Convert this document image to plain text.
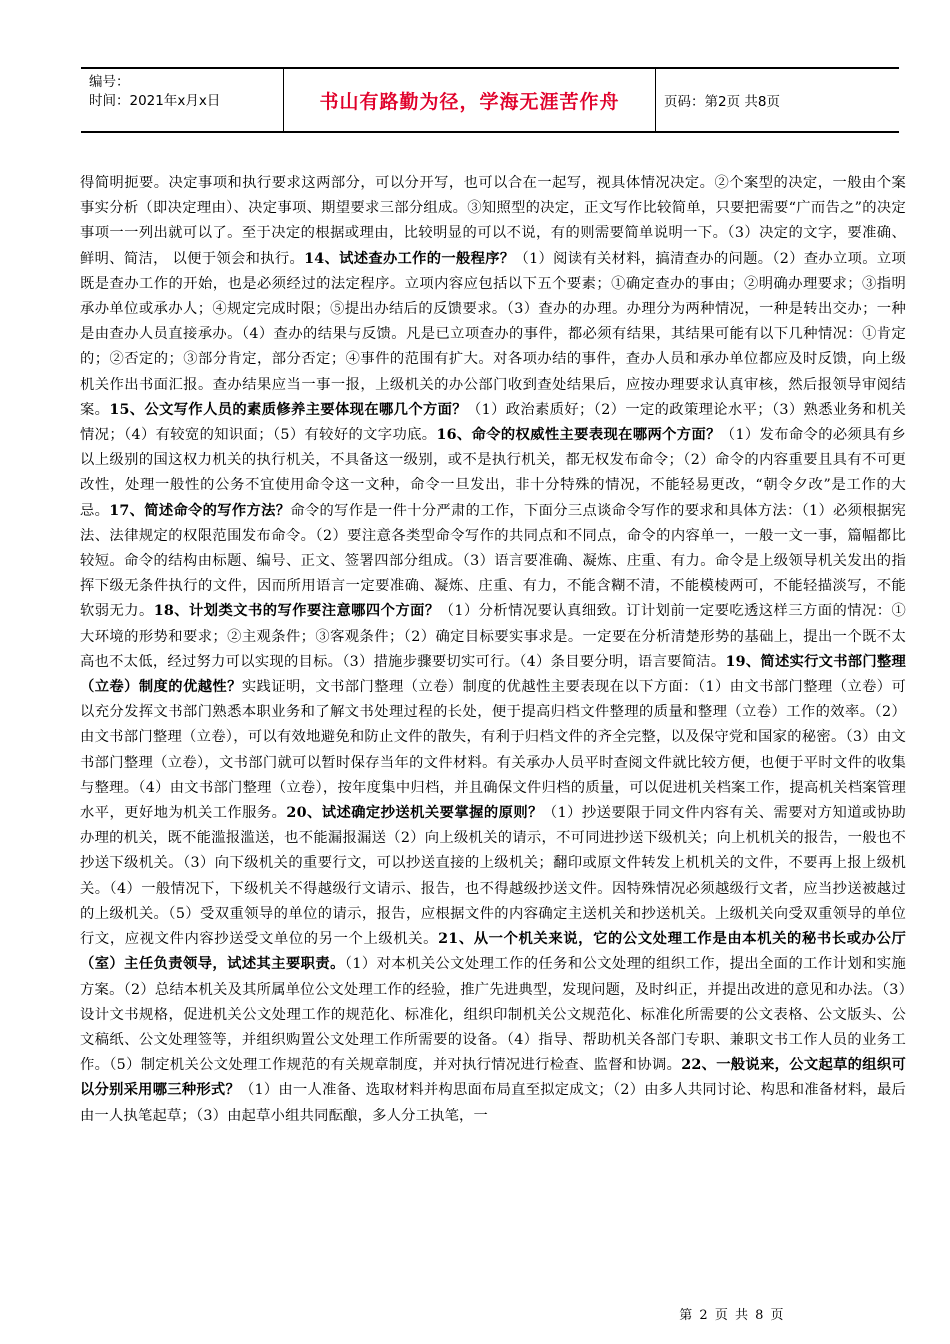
编号：
时间：2021年x月x日	书山有路勤为径，学海无涯苦作舟	页码：第2页 共8页
得简明扼要。决定事项和执行要求这两部分，可以分开写，也可以合在一起写，视具体情况决定。②个案型的决定，一般由个案事实分析（即决定理由）、决定事项、期望要求三部分组成。③知照型的决定，正文写作比较简单，只要把需要“广而告之”的决定事项一一列出就可以了。至于决定的根据或理由，比较明显的可以不说，有的则需要简单说明一下。（3）决定的文字，要准确、鲜明、简洁， 以便于领会和执行。14、试述查办工作的一般程序？（1）阅读有关材料，搞清查办的问题。（2）查办立项。立项既是查办工作的开始，也是必须经过的法定程序。立项内容应包括以下五个要素；①确定查办的事由；②明确办理要求；③指明承办单位或承办人；④规定完成时限；⑤提出办结后的反馈要求。（3）查办的办理。办理分为两种情况，一种是转出交办；一种是由查办人员直接承办。（4）查办的结果与反馈。凡是已立项查办的事件，都必须有结果，其结果可能有以下几种情况：①肯定的；②否定的；③部分肯定，部分否定；④事件的范围有扩大。对各项办结的事件，查办人员和承办单位都应及时反馈，向上级机关作出书面汇报。查办结果应当一事一报，上级机关的办公部门收到查处结果后，应按办理要求认真审核，然后报领导审阅结案。15、公文写作人员的素质修养主要体现在哪几个方面？（1）政治素质好；（2）一定的政策理论水平；（3）熟悉业务和机关情况；（4）有较宽的知识面；（5）有较好的文字功底。16、命令的权威性主要表现在哪两个方面？（1）发布命令的必须具有乡以上级别的国这权力机关的执行机关，不具备这一级别，或不是执行机关，都无权发布命令；（2）命令的内容重要且具有不可更改性，处理一般性的公务不宜使用命令这一文种，命令一旦发出，非十分特殊的情况，不能轻易更改，“朝令夕改”是工作的大忌。17、简述命令的写作方法？命令的写作是一件十分严肃的工作，下面分三点谈命令写作的要求和具体方法：（1）必须根据宪法、法律规定的权限范围发布命令。（2）要注意各类型命令写作的共同点和不同点，命令的内容单一，一般一文一事，篇幅都比较短。命令的结构由标题、编号、正文、签署四部分组成。（3）语言要准确、凝炼、庄重、有力。命令是上级领导机关发出的指挥下级无条件执行的文件，因而所用语言一定要准确、凝炼、庄重、有力，不能含糊不清，不能模棱两可，不能轻描淡写，不能软弱无力。18、计划类文书的写作要注意哪四个方面？（1）分析情况要认真细致。订计划前一定要吃透这样三方面的情况：①大环境的形势和要求；②主观条件；③客观条件；（2）确定目标要实事求是。一定要在分析清楚形势的基础上，提出一个既不太高也不太低，经过努力可以实现的目标。（3）措施步骤要切实可行。（4）条目要分明，语言要简洁。19、简述实行文书部门整理（立卷）制度的优越性？实践证明，文书部门整理（立卷）制度的优越性主要表现在以下方面：（1）由文书部门整理（立卷）可以充分发挥文书部门熟悉本职业务和了解文书处理过程的长处，便于提高归档文件整理的质量和整理（立卷）工作的效率。（2）由文书部门整理（立卷），可以有效地避免和防止文件的散失，有利于归档文件的齐全完整，以及保守党和国家的秘密。（3）由文书部门整理（立卷），文书部门就可以暂时保存当年的文件材料。有关承办人员平时查阅文件就比较方便，也便于平时文件的收集与整理。（4）由文书部门整理（立卷），按年度集中归档，并且确保文件归档的质量，可以促进机关档案工作，提高机关档案管理水平，更好地为机关工作服务。20、试述确定抄送机关要掌握的原则？（1）抄送要限于同文件内容有关、需要对方知道或协助办理的机关，既不能滥报滥送，也不能漏报漏送（2）向上级机关的请示，不可同进抄送下级机关；向上机机关的报告，一般也不抄送下级机关。（3）向下级机关的重要行文，可以抄送直接的上级机关；翻印或原文件转发上机机关的文件，不要再上报上级机关。（4）一般情况下，下级机关不得越级行文请示、报告，也不得越级抄送文件。因特殊情况必须越级行文者，应当抄送被越过的上级机关。（5）受双重领导的单位的请示，报告，应根据文件的内容确定主送机关和抄送机关。上级机关向受双重领导的单位行文，应视文件内容抄送受文单位的另一个上级机关。21、从一个机关来说，它的公文处理工作是由本机关的秘书长或办公厅（室）主任负责领导，试述其主要职责。（1）对本机关公文处理工作的任务和公文处理的组织工作，提出全面的工作计划和实施方案。（2）总结本机关及其所属单位公文处理工作的经验，推广先进典型，发现问题，及时纠正，并提出改进的意见和办法。（3）设计文书规格，促进机关公文处理工作的规范化、标准化，组织印制机关公文规范化、标准化所需要的公文表格、公文版头、公文稿纸、公文处理签等，并组织购置公文处理工作所需要的设备。（4）指导、帮助机关各部门专职、兼职文书工作人员的业务工作。（5）制定机关公文处理工作规范的有关规章制度，并对执行情况进行检查、监督和协调。22、一般说来，公文起草的组织可以分别采用哪三种形式？（1）由一人准备、选取材料并构思面布局直至拟定成文；（2）由多人共同讨论、构思和准备材料，最后由一人执笔起草；（3）由起草小组共同酝酿，多人分工执笔，一
第 2 页 共 8 页
